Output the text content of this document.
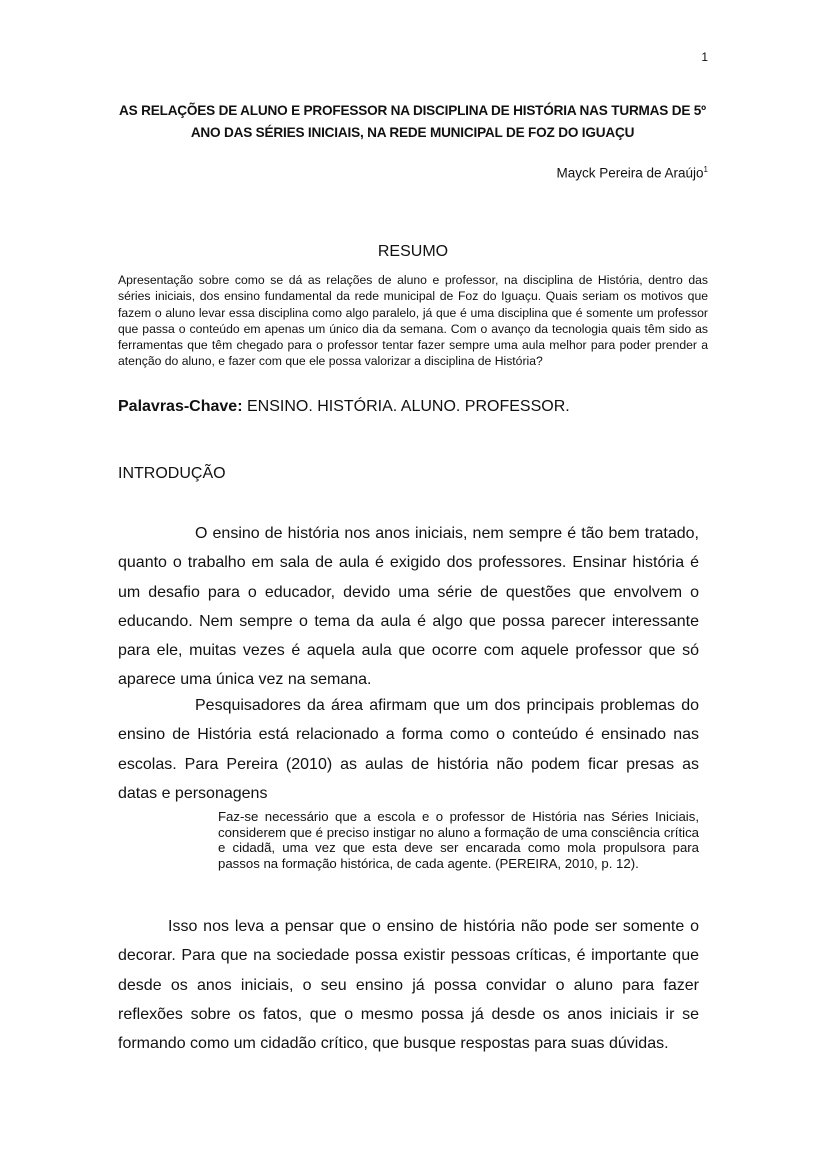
1
AS RELAÇÕES DE ALUNO E PROFESSOR NA DISCIPLINA DE HISTÓRIA NAS TURMAS DE 5º ANO DAS SÉRIES INICIAIS, NA REDE MUNICIPAL DE FOZ DO IGUAÇU
Mayck Pereira de Araújo$^1$
RESUMO

Apresentação sobre como se dá as relações de aluno e professor, na disciplina de História, dentro das séries iniciais, dos ensino fundamental da rede municipal de Foz do Iguaçu. Quais seriam os motivos que fazem o aluno levar essa disciplina como algo paralelo, já que é uma disciplina que é somente um professor que passa o conteúdo em apenas um único dia da semana. Com o avanço da tecnologia quais têm sido as ferramentas que têm chegado para o professor tentar fazer sempre uma aula melhor para poder prender a atenção do aluno, e fazer com que ele possa valorizar a disciplina de História?

Palavras-Chave: ENSINO. HISTÓRIA. ALUNO. PROFESSOR.
INTRODUÇÃO

O ensino de história nos anos iniciais, nem sempre é tão bem tratado, quanto o trabalho em sala de aula é exigido dos professores. Ensinar história é um desafio para o educador, devido uma série de questões que envolvem o educando. Nem sempre o tema da aula é algo que possa parecer interessante para ele, muitas vezes é aquela aula que ocorre com aquele professor que só aparece uma única vez na semana.

Pesquisadores da área afirmam que um dos principais problemas do ensino de História está relacionado a forma como o conteúdo é ensinado nas escolas. Para Pereira (2010) as aulas de história não podem ficar presas as datas e personagens

Faz-se necessário que a escola e o professor de História nas Séries Iniciais, considerem que é preciso instigar no aluno a formação de uma consciência crítica e cidadã, uma vez que esta deve ser encarada como mola propulsora para passos na formação histórica, de cada agente. (PEREIRA, 2010, p. 12).

Isso nos leva a pensar que o ensino de história não pode ser somente o decorar. Para que na sociedade possa existir pessoas críticas, é importante que desde os anos iniciais, o seu ensino já possa convidar o aluno para fazer reflexões sobre os fatos, que o mesmo possa já desde os anos iniciais ir se formando como um cidadão crítico, que busque respostas para suas dúvidas.
